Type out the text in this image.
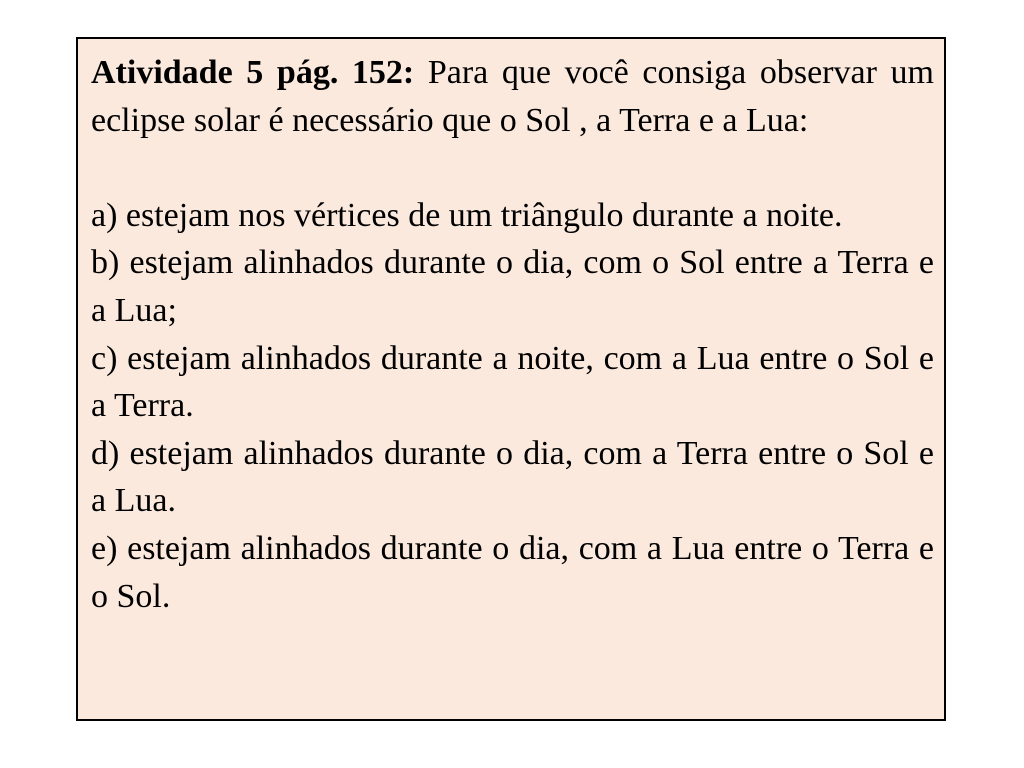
Atividade 5 pág. 152: Para que você consiga observar um eclipse solar é necessário que o Sol , a Terra e a Lua:

a) estejam nos vértices de um triângulo durante a noite.

b) estejam alinhados durante o dia, com o Sol entre a Terra e a Lua;

c) estejam alinhados durante a noite, com a Lua entre o Sol e a Terra.

d) estejam alinhados durante o dia, com a Terra entre o Sol e a Lua.

e) estejam alinhados durante o dia, com a Lua entre o Terra e o Sol.
